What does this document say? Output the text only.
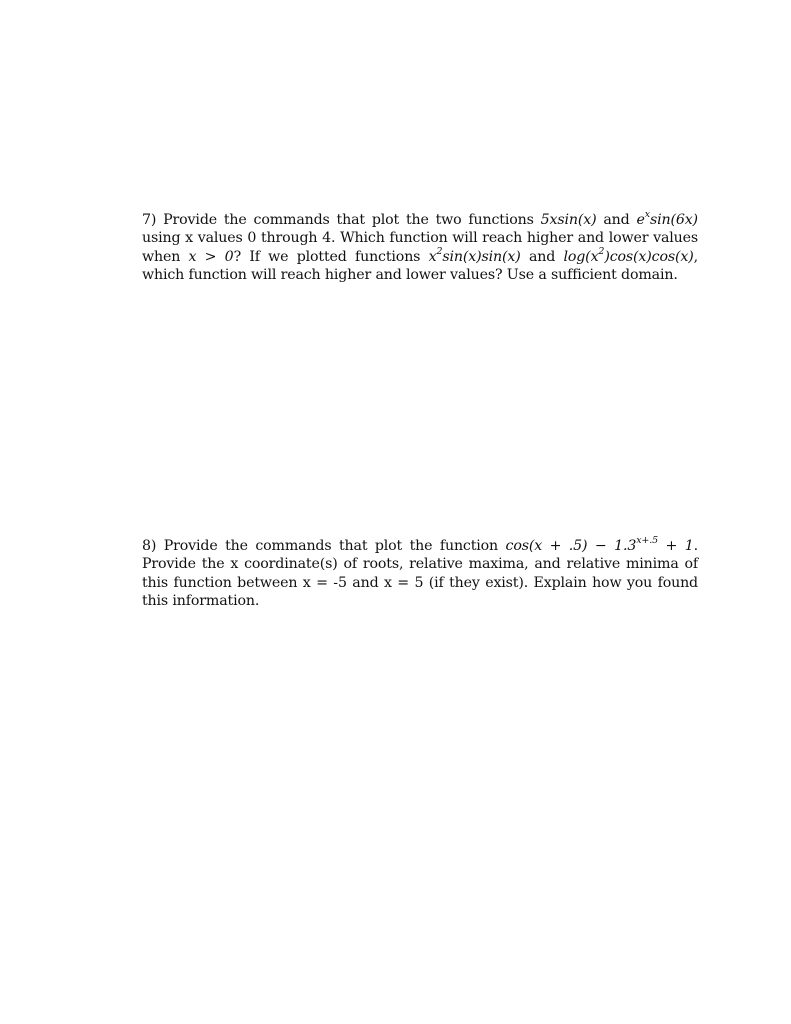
7) Provide the commands that plot the two functions 5xsin(x) and $e^x\sin(6x)$ using x values 0 through 4. Which function will reach higher and lower values when x > 0? If we plotted functions $x^2\sin(x)\sin(x)$ and $\log(x^2)\cos(x)\cos(x)$, which function will reach higher and lower values? Use a sufficient domain.
8) Provide the commands that plot the function $\cos(x + .5) - 1.3^{x+.5} + 1$. Provide the x coordinate(s) of roots, relative maxima, and relative minima of this function between x = -5 and x = 5 (if they exist). Explain how you found this information.
